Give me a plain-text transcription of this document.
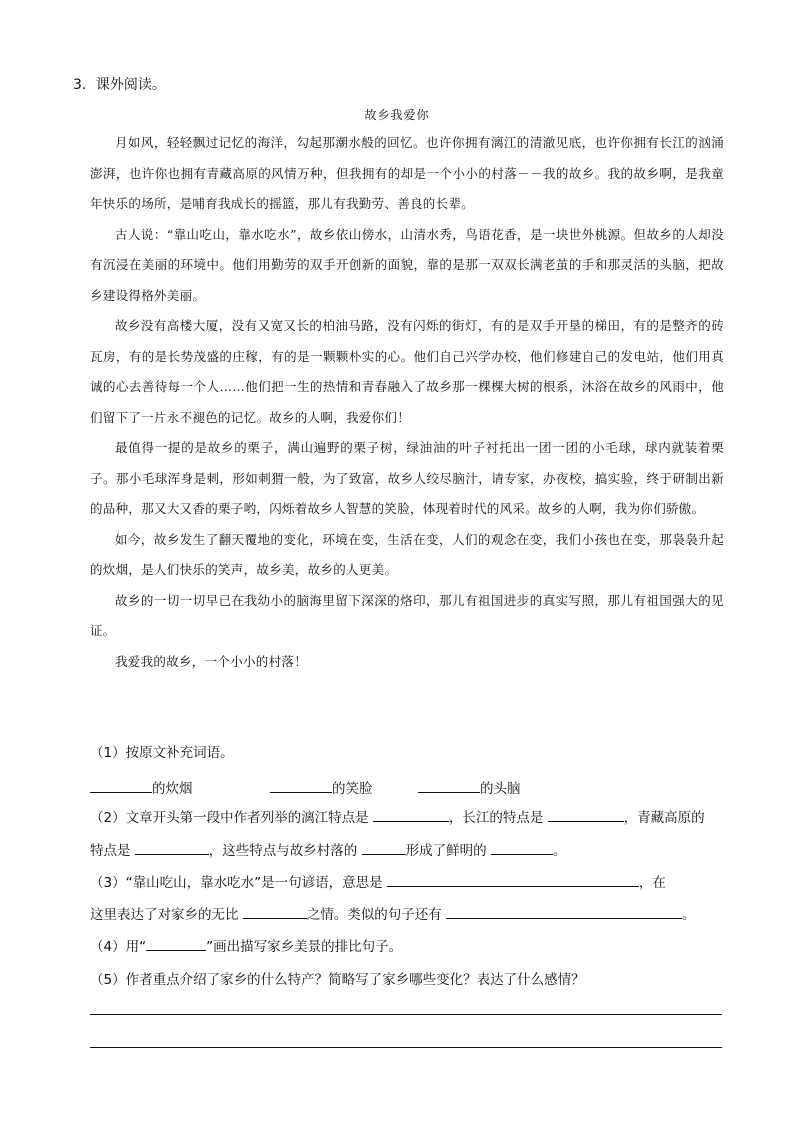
3．课外阅读。
故乡我爱你

月如风，轻轻飘过记忆的海洋，勾起那潮水般的回忆。也许你拥有漓江的清澈见底，也许你拥有长江的汹涌澎湃，也许你也拥有青藏高原的风情万种，但我拥有的却是一个小小的村落－－我的故乡。我的故乡啊，是我童年快乐的场所，是哺育我成长的摇篮，那儿有我勤劳、善良的长辈。

古人说：“靠山吃山，靠水吃水”，故乡依山傍水，山清水秀，鸟语花香，是一块世外桃源。但故乡的人却没有沉浸在美丽的环境中。他们用勤劳的双手开创新的面貌，靠的是那一双双长满老茧的手和那灵活的头脑，把故乡建设得格外美丽。

故乡没有高楼大厦，没有又宽又长的柏油马路，没有闪烁的街灯，有的是双手开垦的梯田，有的是整齐的砖瓦房，有的是长势茂盛的庄稼，有的是一颗颗朴实的心。他们自己兴学办校，他们修建自己的发电站，他们用真诚的心去善待每一个人……他们把一生的热情和青春融入了故乡那一棵棵大树的根系，沐浴在故乡的风雨中，他们留下了一片永不褪色的记忆。故乡的人啊，我爱你们！

最值得一提的是故乡的栗子，满山遍野的栗子树，绿油油的叶子衬托出一团一团的小毛球，球内就装着栗子。那小毛球浑身是刺，形如刺猬一般，为了致富，故乡人绞尽脑汁，请专家，办夜校，搞实验，终于研制出新的品种，那又大又香的栗子哟，闪烁着故乡人智慧的笑脸，体现着时代的风采。故乡的人啊，我为你们骄傲。

如今，故乡发生了翻天覆地的变化，环境在变，生活在变，人们的观念在变，我们小孩也在变，那袅袅升起的炊烟，是人们快乐的笑声，故乡美，故乡的人更美。

故乡的一切一切早已在我幼小的脑海里留下深深的烙印，那儿有祖国进步的真实写照，那儿有祖国强大的见证。

我爱我的故乡，一个小小的村落！

（1）按原文补充词语。
的炊烟	的笑脸	的头脑
（2）文章开头第一段中作者列举的漓江特点是	，长江的特点是	，青藏高原的
特点是	，这些特点与故乡村落的	形成了鲜明的	。
（3）“靠山吃山，靠水吃水”是一句谚语，意思是	，在
这里表达了对家乡的无比	之情。类似的句子还有	。
（4）用“	”画出描写家乡美景的排比句子。
（5）作者重点介绍了家乡的什么特产？简略写了家乡哪些变化？表达了什么感情？
